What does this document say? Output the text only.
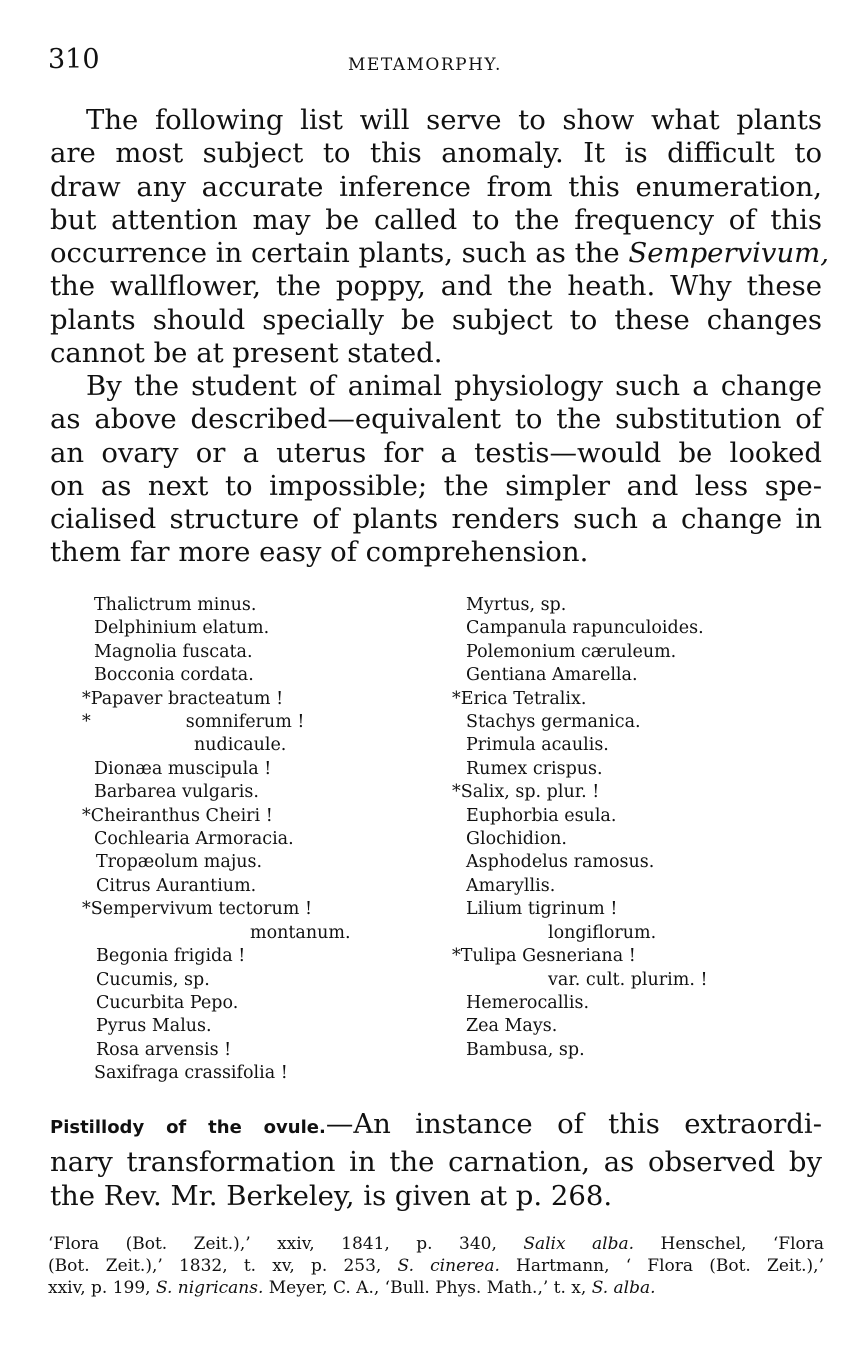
310	METAMORPHY.
The following list will serve to show what plants
are most subject to this anomaly. It is difficult to
draw any accurate inference from this enumeration,
but attention may be called to the frequency of this
occurrence in certain plants, such as the Sempervivum,
the wallflower, the poppy, and the heath. Why these
plants should specially be subject to these changes
cannot be at present stated.
By the student of animal physiology such a change
as above described—equivalent to the substitution of
an ovary or a uterus for a testis—would be looked
on as next to impossible; the simpler and less spe-
cialised structure of plants renders such a change in
them far more easy of comprehension.
Thalictrum minus.
Delphinium elatum.
Magnolia fuscata.
Bocconia cordata.
*Papaver bracteatum !
*	somniferum !
nudicaule.
Dionæa muscipula !
Barbarea vulgaris.
*Cheiranthus Cheiri !
Cochlearia Armoracia.
Tropæolum majus.
Citrus Aurantium.
*Sempervivum tectorum !
montanum.
Begonia frigida !
Cucumis, sp.
Cucurbita Pepo.
Pyrus Malus.
Rosa arvensis !
Saxifraga crassifolia !
Myrtus, sp.
Campanula rapunculoides.
Polemonium cæruleum.
Gentiana Amarella.
*Erica Tetralix.
Stachys germanica.
Primula acaulis.
Rumex crispus.
*Salix, sp. plur. !
Euphorbia esula.
Glochidion.
Asphodelus ramosus.
Amaryllis.
Lilium tigrinum !
longiflorum.
*Tulipa Gesneriana !
var. cult. plurim. !
Hemerocallis.
Zea Mays.
Bambusa, sp.
Pistillody of the ovule.—An instance of this extraordi-
nary transformation in the carnation, as observed by
the Rev. Mr. Berkeley, is given at p. 268.
‘Flora (Bot. Zeit.),’ xxiv, 1841, p. 340, Salix alba. Henschel, ‘Flora
(Bot. Zeit.),’ 1832, t. xv, p. 253, S. cinerea. Hartmann, ‘ Flora (Bot. Zeit.),’
xxiv, p. 199, S. nigricans. Meyer, C. A., ‘Bull. Phys. Math.,’ t. x, S. alba.
